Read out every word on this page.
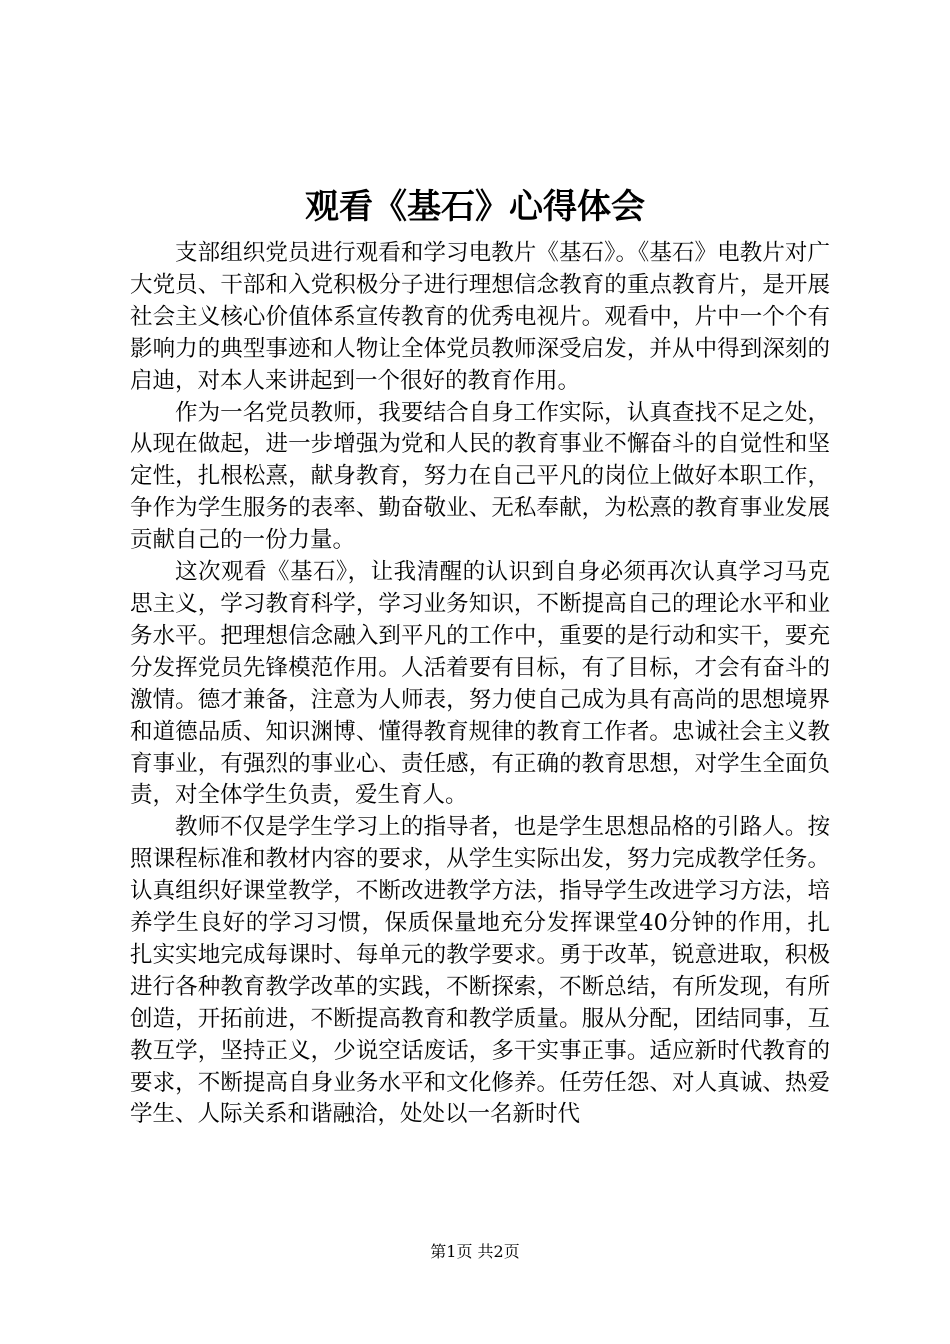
观看《基石》心得体会

支部组织党员进行观看和学习电教片《基石》。《基石》电教片对广大党员、干部和入党积极分子进行理想信念教育的重点教育片，是开展社会主义核心价值体系宣传教育的优秀电视片。观看中，片中一个个有影响力的典型事迹和人物让全体党员教师深受启发，并从中得到深刻的启迪，对本人来讲起到一个很好的教育作用。

作为一名党员教师，我要结合自身工作实际，认真查找不足之处，从现在做起，进一步增强为党和人民的教育事业不懈奋斗的自觉性和坚定性，扎根松熹，献身教育，努力在自己平凡的岗位上做好本职工作，争作为学生服务的表率、勤奋敬业、无私奉献，为松熹的教育事业发展贡献自己的一份力量。

这次观看《基石》，让我清醒的认识到自身必须再次认真学习马克思主义，学习教育科学，学习业务知识，不断提高自己的理论水平和业务水平。把理想信念融入到平凡的工作中，重要的是行动和实干，要充分发挥党员先锋模范作用。人活着要有目标，有了目标，才会有奋斗的激情。德才兼备，注意为人师表，努力使自己成为具有高尚的思想境界和道德品质、知识渊博、懂得教育规律的教育工作者。忠诚社会主义教育事业，有强烈的事业心、责任感，有正确的教育思想，对学生全面负责，对全体学生负责，爱生育人。

教师不仅是学生学习上的指导者，也是学生思想品格的引路人。按照课程标准和教材内容的要求，从学生实际出发，努力完成教学任务。认真组织好课堂教学，不断改进教学方法，指导学生改进学习方法，培养学生良好的学习习惯，保质保量地充分发挥课堂40分钟的作用，扎扎实实地完成每课时、每单元的教学要求。勇于改革，锐意进取，积极进行各种教育教学改革的实践，不断探索，不断总结，有所发现，有所创造，开拓前进，不断提高教育和教学质量。服从分配，团结同事，互教互学，坚持正义，少说空话废话，多干实事正事。适应新时代教育的要求，不断提高自身业务水平和文化修养。任劳任怨、对人真诚、热爱学生、人际关系和谐融洽，处处以一名新时代

第1页 共2页
